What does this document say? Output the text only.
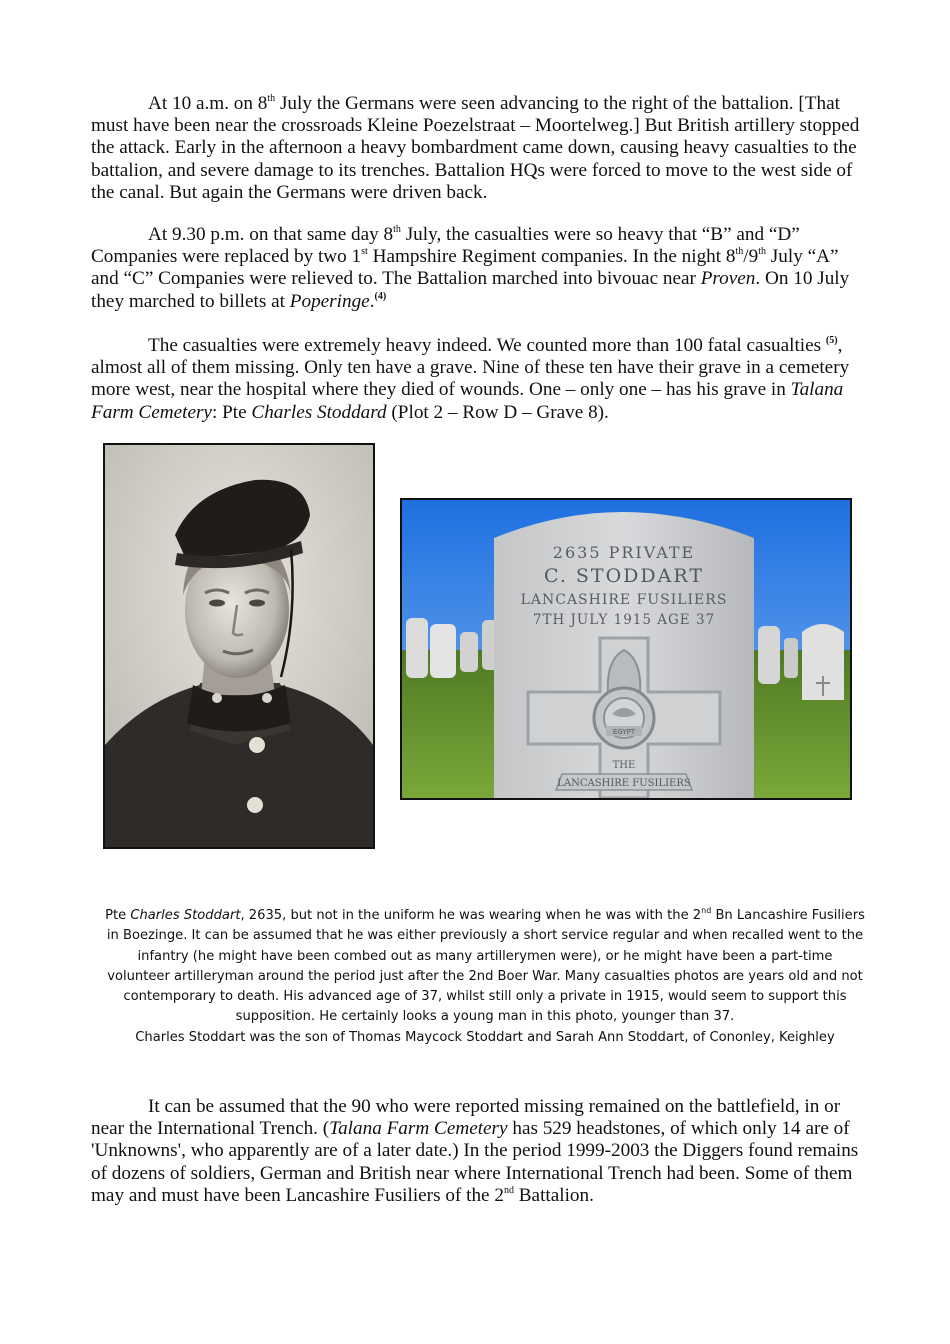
At 10 a.m. on 8th July the Germans were seen advancing to the right of the battalion. [That must have been near the crossroads Kleine Poezelstraat – Moortelweg.] But British artillery stopped the attack. Early in the afternoon a heavy bombardment came down, causing heavy casualties to the battalion, and severe damage to its trenches. Battalion HQs were forced to move to the west side of the canal. But again the Germans were driven back.

At 9.30 p.m. on that same day 8th July, the casualties were so heavy that “B” and “D” Companies were replaced by two 1st Hampshire Regiment companies. In the night 8th/9th July “A” and “C” Companies were relieved to. The Battalion marched into bivouac near Proven. On 10 July they marched to billets at Poperinge.$^{(4)}$

The casualties were extremely heavy indeed. We counted more than 100 fatal casualties $^{(5)}$, almost all of them missing. Only ten have a grave. Nine of these ten have their grave in a cemetery more west, near the hospital where they died of wounds. One – only one – has his grave in Talana Farm Cemetery: Pte Charles Stoddard (Plot 2 – Row D – Grave 8).

2635 PRIVATE
C. STODDART
LANCASHIRE FUSILIERS
7TH JULY 1915 AGE 37
EGYPT
THE
LANCASHIRE FUSILIERS
Pte Charles Stoddart, 2635, but not in the uniform he was wearing when he was with the 2nd Bn Lancashire Fusiliers in Boezinge. It can be assumed that he was either previously a short service regular and when recalled went to the infantry (he might have been combed out as many artillerymen were), or he might have been a part-time volunteer artilleryman around the period just after the 2nd Boer War. Many casualties photos are years old and not contemporary to death. His advanced age of 37, whilst still only a private in 1915, would seem to support this supposition. He certainly looks a young man in this photo, younger than 37.
Charles Stoddart was the son of Thomas Maycock Stoddart and Sarah Ann Stoddart, of Cononley, Keighley

It can be assumed that the 90 who were reported missing remained on the battlefield, in or near the International Trench. (Talana Farm Cemetery has 529 headstones, of which only 14 are of 'Unknowns', who apparently are of a later date.) In the period 1999-2003 the Diggers found remains of dozens of soldiers, German and British near where International Trench had been. Some of them may and must have been Lancashire Fusiliers of the 2nd Battalion.
